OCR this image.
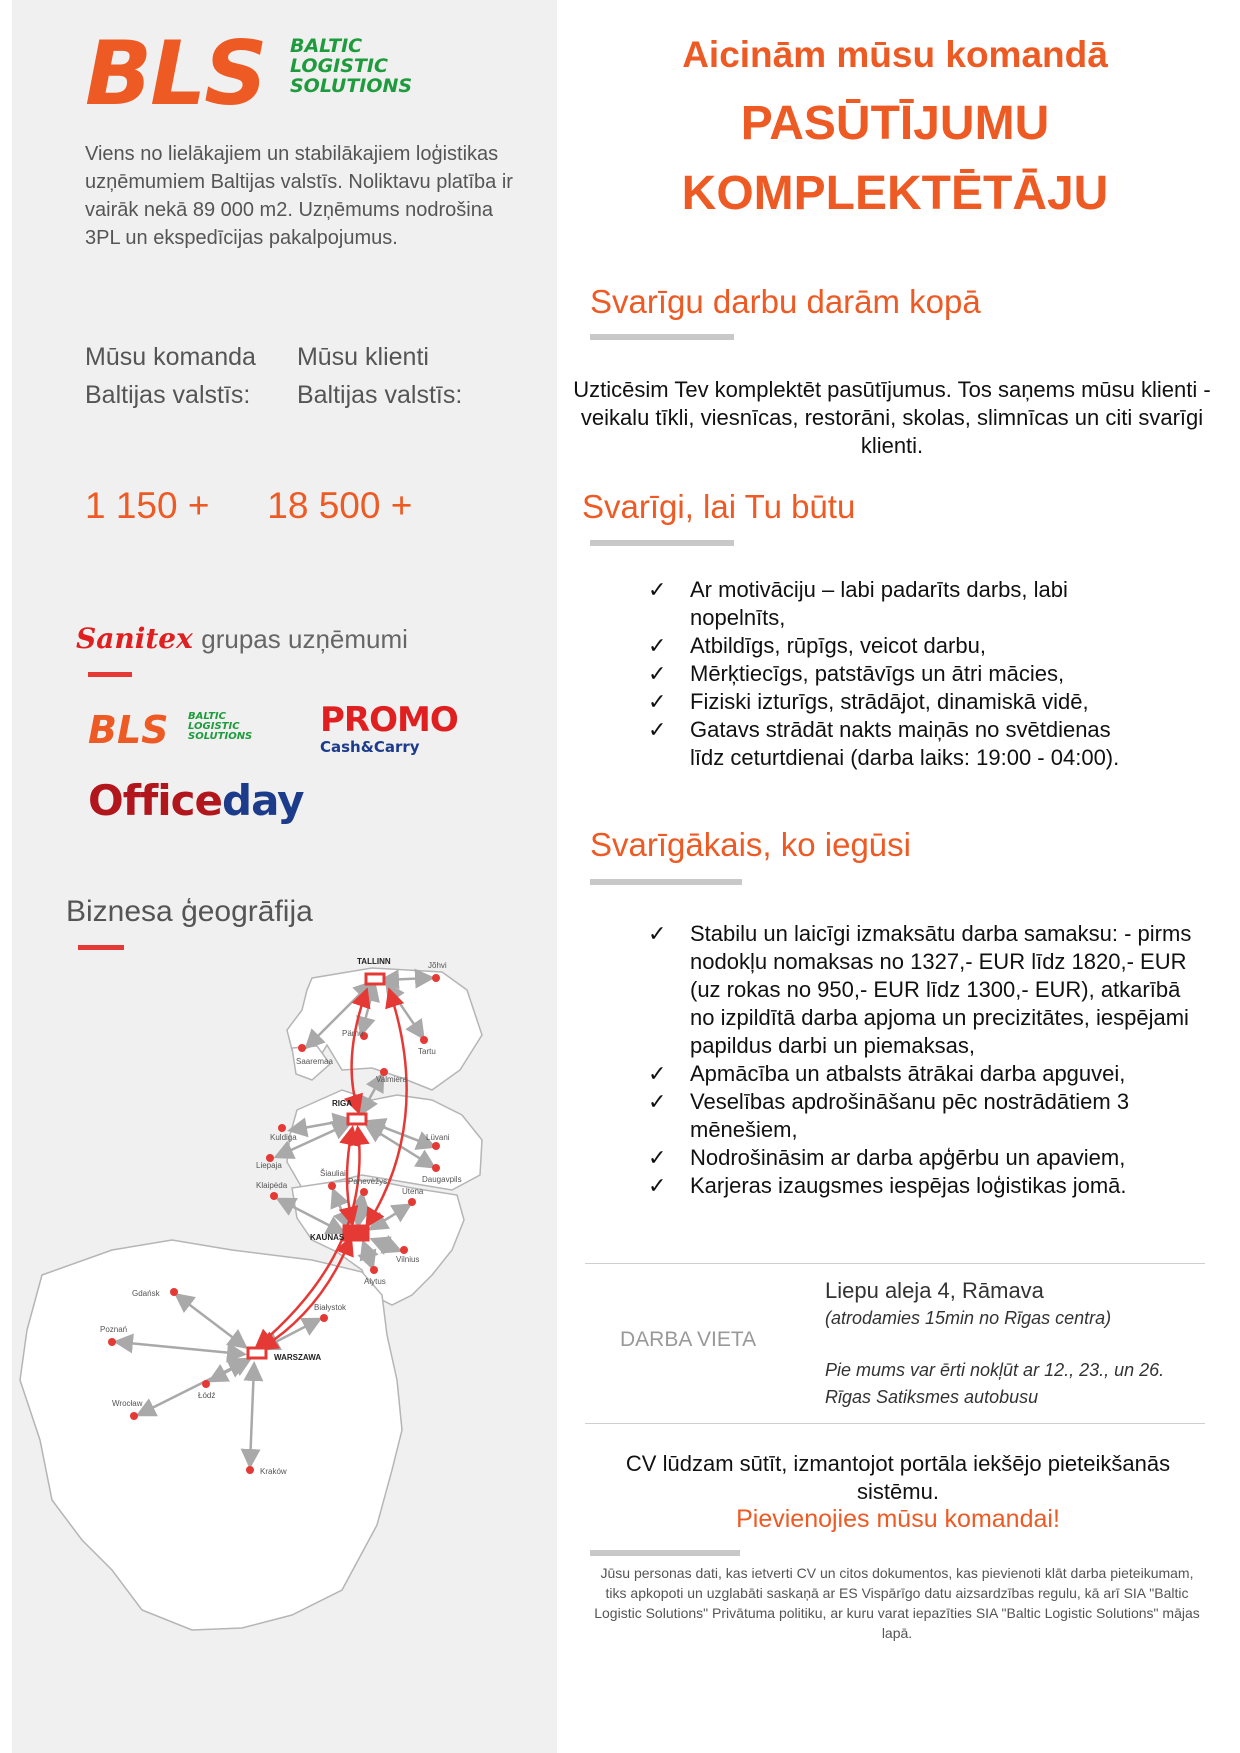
BLS BALTIC LOGISTIC
SOLUTIONS
Viens no lielākajiem un stabilākajiem loģistikas uzņēmumiem Baltijas valstīs. Noliktavu platība ir vairāk nekā 89 000 m2. Uzņēmums nodrošina 3PL un ekspedīcijas pakalpojumus.
Mūsu komanda
Baltijas valstīs:

Mūsu klienti
Baltijas valstīs:
1 150 + 18 500 +
Sanitex grupas uzņēmumi
BLS BALTIC LOGISTIC
SOLUTIONS PROMO
Cash&Carry
Officeday
Biznesa ģeogrāfija
TALLINN
RIGA
KAUNAS
WARSZAWA
Jõhvi
Pärnu
Tartu
Saaremaa
Valmiera
Kuldiga
Liepaja
Lüvani
Šiauliai
Panevėžys	Daugavpils
Klaipėda
Utena
Vilnius
Alytus
Gdańsk
Białystok
Poznań
Łódź
Wrocław
Kraków
Aicinām mūsu komandā
PASŪTĪJUMU
KOMPLEKTĒTĀJU
Svarīgu darbu darām kopā
Uzticēsim Tev komplektēt pasūtījumus. Tos saņems mūsu klienti - veikalu tīkli, viesnīcas, restorāni, skolas, slimnīcas un citi svarīgi klienti.
Svarīgi, lai Tu būtu
✓ Ar motivāciju – labi padarīts darbs, labi nopelnīts,
✓ Atbildīgs, rūpīgs, veicot darbu,
✓ Mērķtiecīgs, patstāvīgs un ātri mācies,
✓ Fiziski izturīgs, strādājot, dinamiskā vidē,
✓ Gatavs strādāt nakts maiņās no svētdienas līdz ceturtdienai (darba laiks: 19:00 - 04:00).
Svarīgākais, ko iegūsi
✓ Stabilu un laicīgi izmaksātu darba samaksu: - pirms nodokļu nomaksas no 1327,- EUR līdz 1820,- EUR (uz rokas no 950,- EUR līdz 1300,- EUR), atkarībā no izpildītā darba apjoma un precizitātes, iespējami papildus darbi un piemaksas,
✓ Apmācība un atbalsts ātrākai darba apguvei,
✓ Veselības apdrošināšanu pēc nostrādātiem 3 mēnešiem,
✓ Nodrošināsim ar darba apģērbu un apaviem,
✓ Karjeras izaugsmes iespējas loģistikas jomā.
DARBA VIETA
Liepu aleja 4, Rāmava
(atrodamies 15min no Rīgas centra)
Pie mums var ērti nokļūt ar 12., 23., un 26. Rīgas Satiksmes autobusu
CV lūdzam sūtīt, izmantojot portāla iekšējo pieteikšanās sistēmu.
Pievienojies mūsu komandai!
Jūsu personas dati, kas ietverti CV un citos dokumentos, kas pievienoti klāt darba pieteikumam, tiks apkopoti un uzglabāti saskaņā ar ES Vispārīgo datu aizsardzības regulu, kā arī SIA "Baltic Logistic Solutions" Privātuma politiku, ar kuru varat iepazīties SIA "Baltic Logistic Solutions" mājas lapā.
